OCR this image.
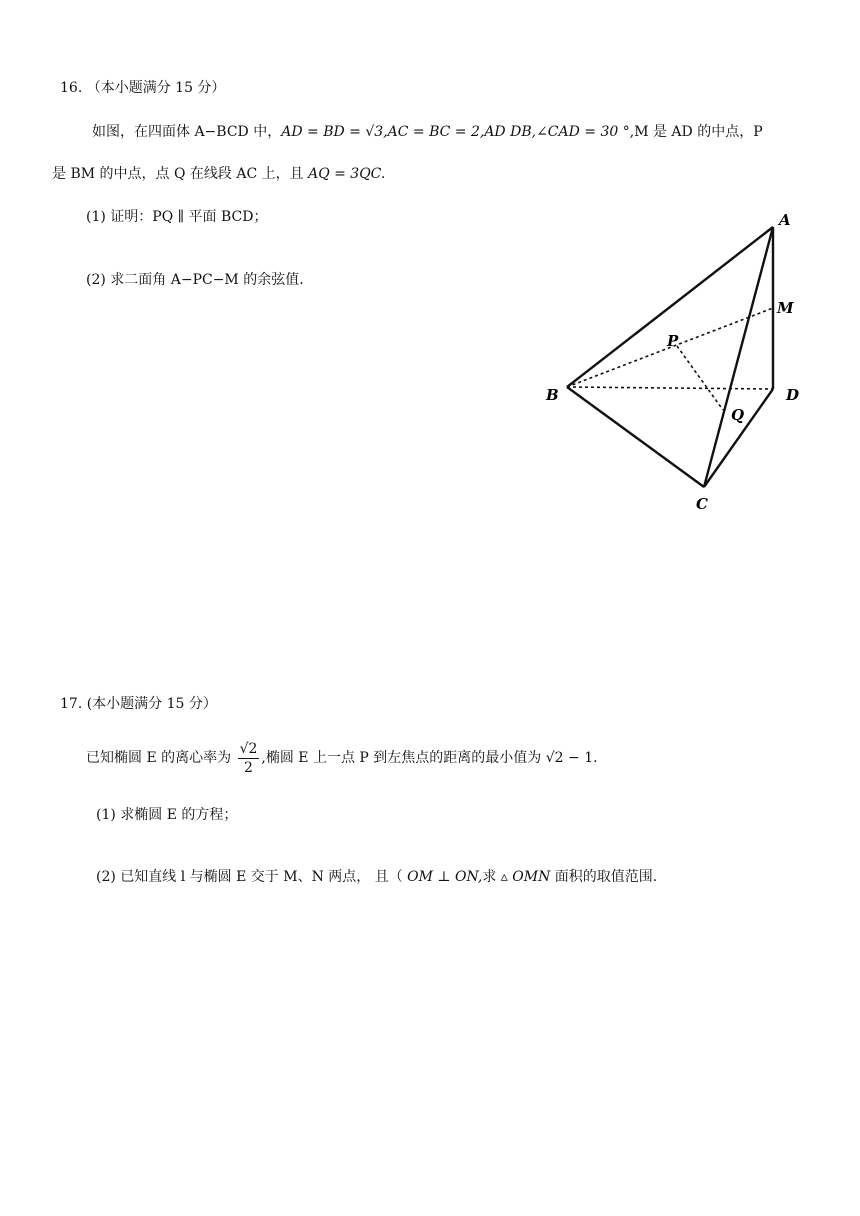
16. （本小题满分 15 分）
如图，在四面体 A−BCD 中，AD = BD = √3,AC = BC = 2,AD DB,∠CAD = 30 °,M 是 AD 的中点，P
是 BM 的中点，点 Q 在线段 AC 上，且 AQ = 3QC.
(1) 证明：PQ ∥ 平面 BCD；
(2) 求二面角 A−PC−M 的余弦值.
A
M
P
B	D
Q
C
17. (本小题满分 15 分）
已知椭圆 E 的离心率为 $\frac{√2}{2}$ ,椭圆 E 上一点 P 到左焦点的距离的最小值为 √2 − 1.
(1) 求椭圆 E 的方程；
(2) 已知直线 l 与椭圆 E 交于 M、N 两点， 且（ OM ⊥ ON,求 ▵ OMN 面积的取值范围.
